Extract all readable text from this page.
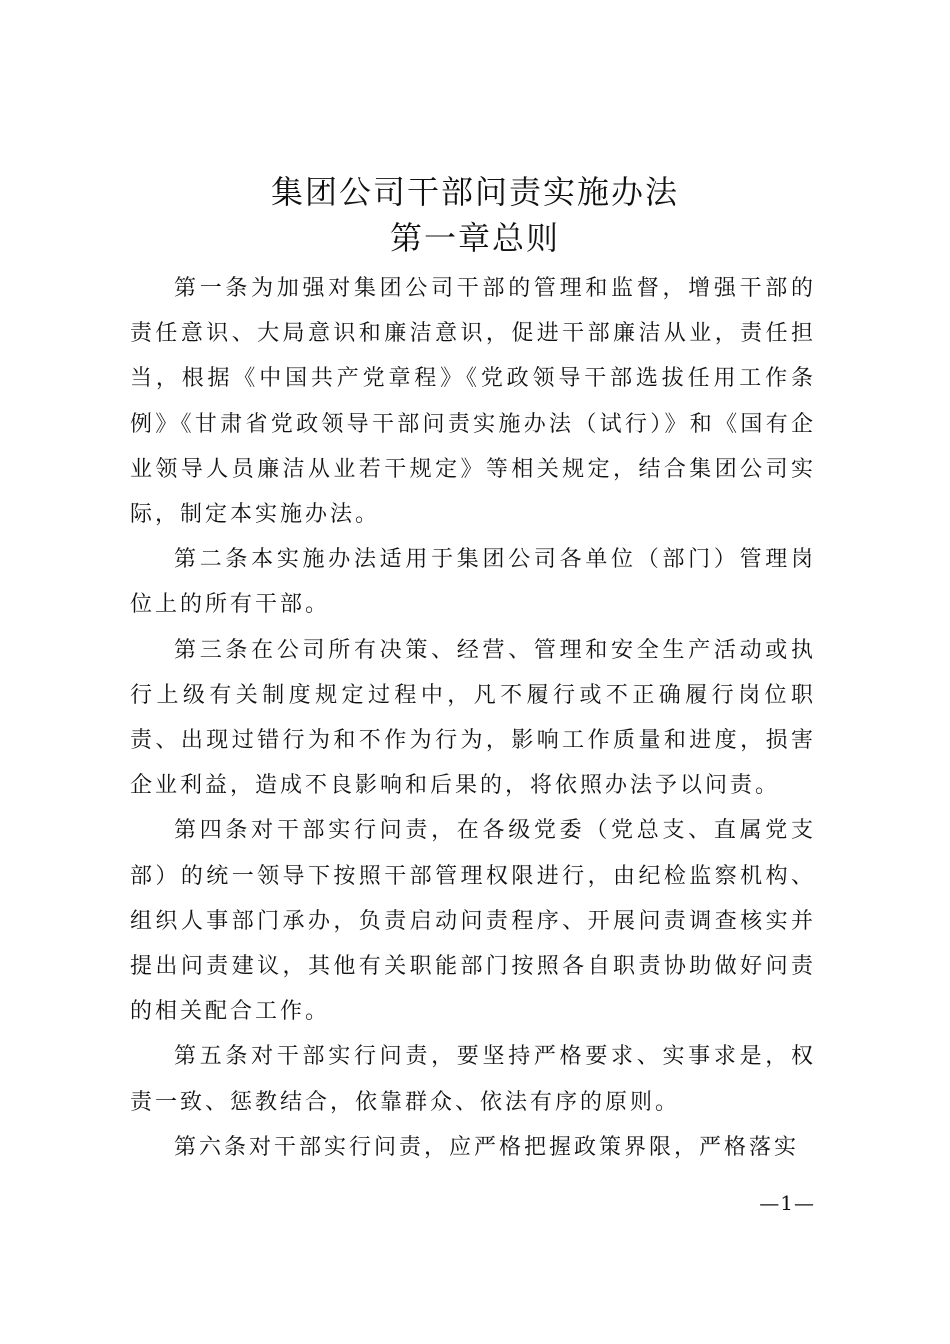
集团公司干部问责实施办法
第一章总则

第一条为加强对集团公司干部的管理和监督，增强干部的责任意识、大局意识和廉洁意识，促进干部廉洁从业，责任担当，根据《中国共产党章程》《党政领导干部选拔任用工作条例》《甘肃省党政领导干部问责实施办法（试行）》和《国有企业领导人员廉洁从业若干规定》等相关规定，结合集团公司实际，制定本实施办法。

第二条本实施办法适用于集团公司各单位（部门）管理岗位上的所有干部。

第三条在公司所有决策、经营、管理和安全生产活动或执行上级有关制度规定过程中，凡不履行或不正确履行岗位职责、出现过错行为和不作为行为，影响工作质量和进度，损害企业利益，造成不良影响和后果的，将依照办法予以问责。

第四条对干部实行问责，在各级党委（党总支、直属党支部）的统一领导下按照干部管理权限进行，由纪检监察机构、组织人事部门承办，负责启动问责程序、开展问责调查核实并提出问责建议，其他有关职能部门按照各自职责协助做好问责的相关配合工作。

第五条对干部实行问责，要坚持严格要求、实事求是，权责一致、惩教结合，依靠群众、依法有序的原则。

第六条对干部实行问责，应严格把握政策界限，严格落实

—1—
